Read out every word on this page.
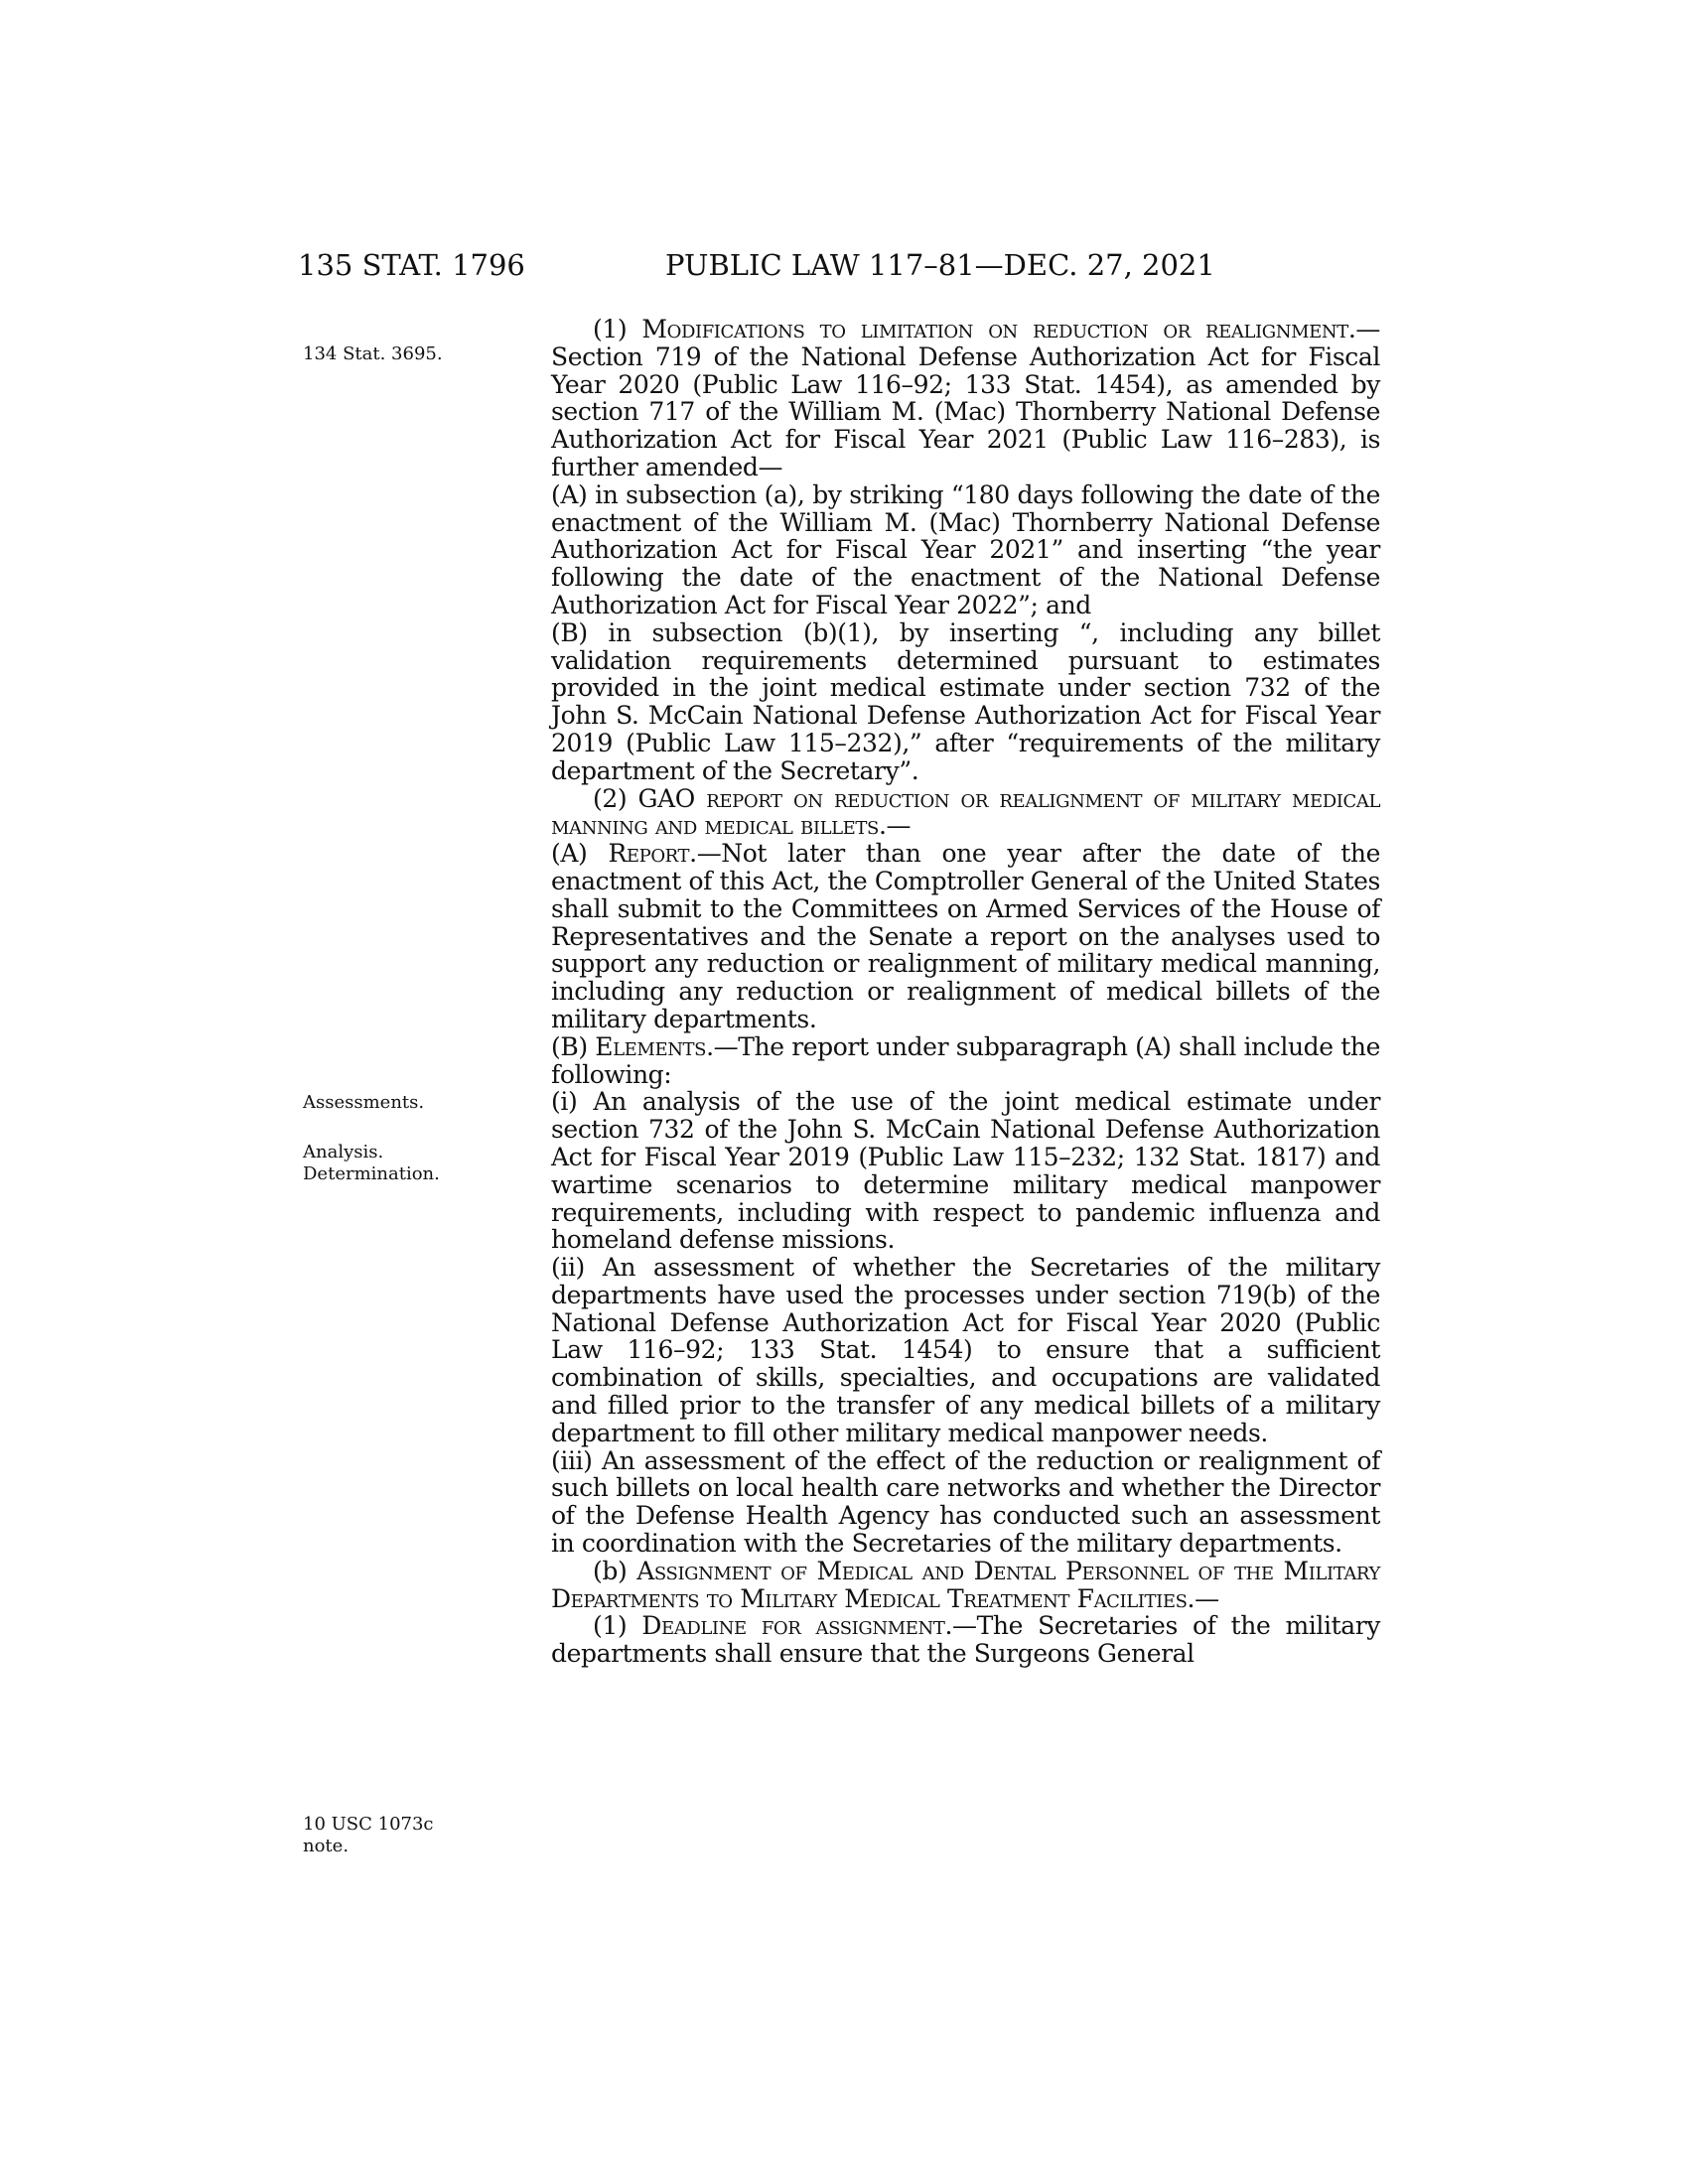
135 STAT. 1796	PUBLIC LAW 117–81—DEC. 27, 2021
134 Stat. 3695.
Assessments.
Analysis.
Determination.
10 USC 1073c
note.

(1) Modifications to limitation on reduction or realignment.—Section 719 of the National Defense Authorization Act for Fiscal Year 2020 (Public Law 116–92; 133 Stat. 1454), as amended by section 717 of the William M. (Mac) Thornberry National Defense Authorization Act for Fiscal Year 2021 (Public Law 116–283), is further amended—

(A) in subsection (a), by striking “180 days following the date of the enactment of the William M. (Mac) Thornberry National Defense Authorization Act for Fiscal Year 2021” and inserting “the year following the date of the enactment of the National Defense Authorization Act for Fiscal Year 2022”; and

(B) in subsection (b)(1), by inserting “, including any billet validation requirements determined pursuant to estimates provided in the joint medical estimate under section 732 of the John S. McCain National Defense Authorization Act for Fiscal Year 2019 (Public Law 115–232),” after “requirements of the military department of the Secretary”.

(2) GAO report on reduction or realignment of military medical manning and medical billets.—

(A) Report.—Not later than one year after the date of the enactment of this Act, the Comptroller General of the United States shall submit to the Committees on Armed Services of the House of Representatives and the Senate a report on the analyses used to support any reduction or realignment of military medical manning, including any reduction or realignment of medical billets of the military departments.

(B) Elements.—The report under subparagraph (A) shall include the following:

(i) An analysis of the use of the joint medical estimate under section 732 of the John S. McCain National Defense Authorization Act for Fiscal Year 2019 (Public Law 115–232; 132 Stat. 1817) and wartime scenarios to determine military medical manpower requirements, including with respect to pandemic influenza and homeland defense missions.

(ii) An assessment of whether the Secretaries of the military departments have used the processes under section 719(b) of the National Defense Authorization Act for Fiscal Year 2020 (Public Law 116–92; 133 Stat. 1454) to ensure that a sufficient combination of skills, specialties, and occupations are validated and filled prior to the transfer of any medical billets of a military department to fill other military medical manpower needs.

(iii) An assessment of the effect of the reduction or realignment of such billets on local health care networks and whether the Director of the Defense Health Agency has conducted such an assessment in coordination with the Secretaries of the military departments.

(b) Assignment of Medical and Dental Personnel of the Military Departments to Military Medical Treatment Facilities.—

(1) Deadline for assignment.—The Secretaries of the military departments shall ensure that the Surgeons General
